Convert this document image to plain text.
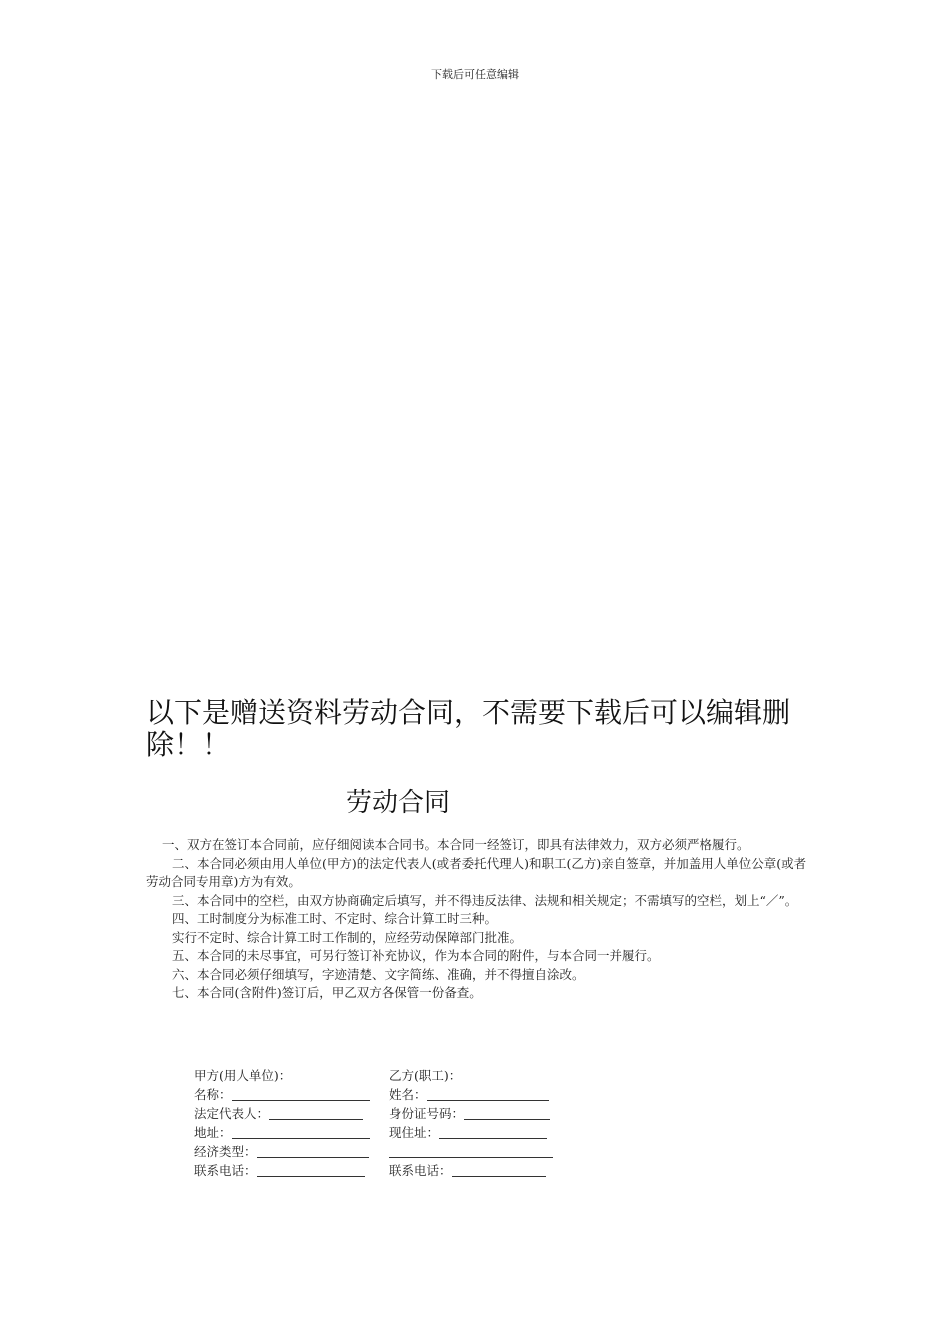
下载后可任意编辑
以下是赠送资料劳动合同，不需要下载后可以编辑删除！！
劳动合同

一、双方在签订本合同前，应仔细阅读本合同书。本合同一经签订，即具有法律效力，双方必须严格履行。

二、本合同必须由用人单位(甲方)的法定代表人(或者委托代理人)和职工(乙方)亲自签章，并加盖用人单位公章(或者劳动合同专用章)方为有效。

三、本合同中的空栏，由双方协商确定后填写，并不得违反法律、法规和相关规定；不需填写的空栏，划上“／”。

四、工时制度分为标准工时、不定时、综合计算工时三种。

实行不定时、综合计算工时工作制的，应经劳动保障部门批准。

五、本合同的未尽事宜，可另行签订补充协议，作为本合同的附件，与本合同一并履行。

六、本合同必须仔细填写，字迹清楚、文字简练、准确，并不得擅自涂改。

七、本合同(含附件)签订后，甲乙双方各保管一份备查。

甲方(用人单位)：	乙方(职工)：
名称：	姓名：
法定代表人：	身份证号码：
地址：	现住址：
经济类型：
联系电话：	联系电话：
